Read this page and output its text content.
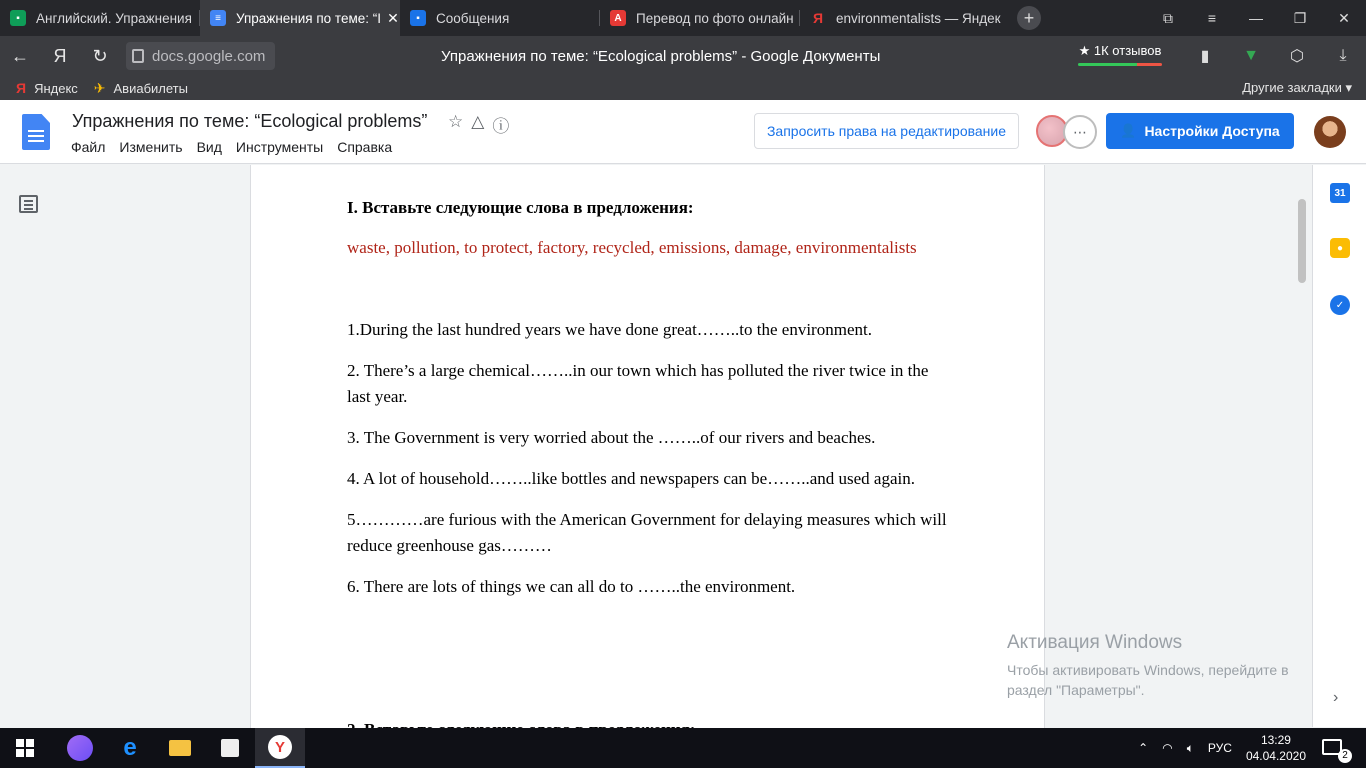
▪	Английский. Упражнения	≡	Упражнения по теме: “I ✕	▪	Сообщения	A	Перевод по фото онлайн Я environmentalists — Яндек	+	⧉	≡	—	❐	✕
←	Я	↻	docs.google.com	Упражнения по теме: “Ecological problems” - Google Документы	★ 1К отзывов	▮	▼	⬡	⤓
Я Яндекс ✈ Авиабилеты	Другие закладки ▾
Упражнения по теме: “Ecological problems” ☆ △ ⓘ
Файл Изменить Вид Инструменты Справка
Запросить права на редактирование	⋯	👤 Настройки Доступа
I. Вставьте следующие слова в предложения:
waste, pollution, to protect, factory, recycled, emissions, damage, environmentalists
1.During the last hundred years we have done great……..to the environment.
2. There’s a large chemical……..in our town which has polluted the river twice in the last year.
3. The Government is very worried about the ……..of our rivers and beaches.
4. A lot of household……..like bottles and newspapers can be……..and used again.
5…………are furious with the American Government for delaying measures which will reduce greenhouse gas………
6. There are lots of things we can all do to ……..the environment.
31
●
✓
›
Активация Windows
Чтобы активировать Windows, перейдите в раздел "Параметры".
e	Y	⌃ ◠ 🔈︎ РУС
13:29
04.04.2020	2
